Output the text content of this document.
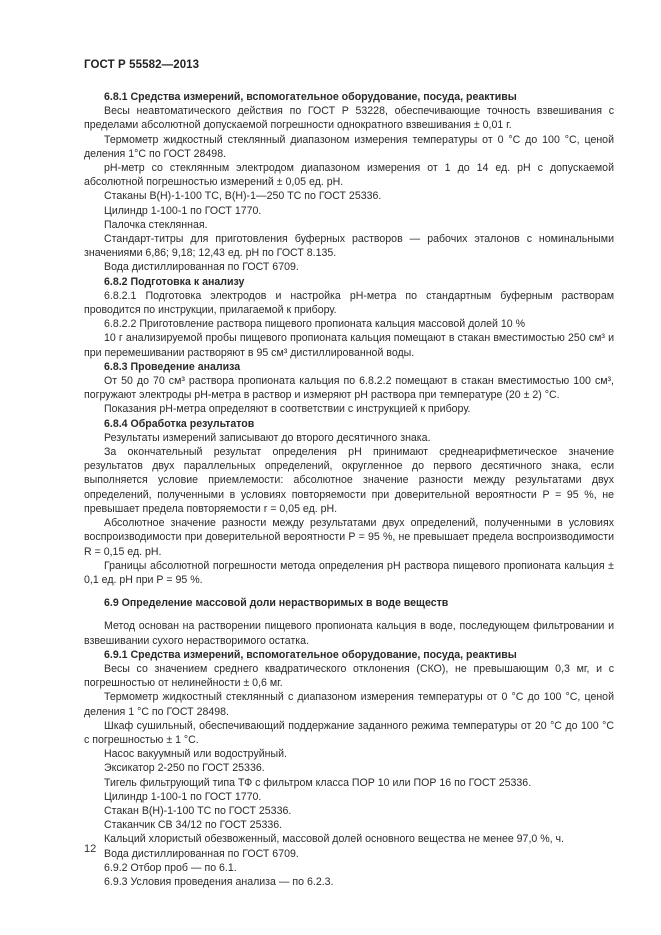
ГОСТ Р 55582—2013

6.8.1 Средства измерений, вспомогательное оборудование, посуда, реактивы

Весы неавтоматического действия по ГОСТ Р 53228, обеспечивающие точность взвешивания с пределами абсолютной допускаемой погрешности однократного взвешивания ± 0,01 г.

Термометр жидкостный стеклянный диапазоном измерения температуры от 0 °С до 100 °С, ценой деления 1°С по ГОСТ 28498.

рН-метр со стеклянным электродом диапазоном измерения от 1 до 14 ед. рН с допускаемой абсолютной погрешностью измерений ± 0,05 ед. рН.

Стаканы В(Н)-1-100 ТС, В(Н)-1—250 ТС по ГОСТ 25336.

Цилиндр 1-100-1 по ГОСТ 1770.

Палочка стеклянная.

Стандарт-титры для приготовления буферных растворов — рабочих эталонов с номинальными значениями 6,86; 9,18; 12,43 ед. рН по ГОСТ 8.135.

Вода дистиллированная по ГОСТ 6709.

6.8.2 Подготовка к анализу

6.8.2.1 Подготовка электродов и настройка рН-метра по стандартным буферным растворам проводится по инструкции, прилагаемой к прибору.

6.8.2.2 Приготовление раствора пищевого пропионата кальция массовой долей 10 %

10 г анализируемой пробы пищевого пропионата кальция помещают в стакан вместимостью 250 см³ и при перемешивании растворяют в 95 см³ дистиллированной воды.

6.8.3 Проведение анализа

От 50 до 70 см³ раствора пропионата кальция по 6.8.2.2 помещают в стакан вместимостью 100 см³, погружают электроды рН-метра в раствор и измеряют рН раствора при температуре (20 ± 2) °С.

Показания рН-метра определяют в соответствии с инструкцией к прибору.

6.8.4 Обработка результатов

Результаты измерений записывают до второго десятичного знака.

За окончательный результат определения рН принимают среднеарифметическое значение результатов двух параллельных определений, округленное до первого десятичного знака, если выполняется условие приемлемости: абсолютное значение разности между результатами двух определений, полученными в условиях повторяемости при доверительной вероятности Р = 95 %, не превышает предела повторяемости r = 0,05 ед. рН.

Абсолютное значение разности между результатами двух определений, полученными в условиях воспроизводимости при доверительной вероятности Р = 95 %, не превышает предела воспроизводимости R = 0,15 ед. рН.

Границы абсолютной погрешности метода определения рН раствора пищевого пропионата кальция ± 0,1 ед. рН при Р = 95 %.

6.9 Определение массовой доли нерастворимых в воде веществ

Метод основан на растворении пищевого пропионата кальция в воде, последующем фильтровании и взвешивании сухого нерастворимого остатка.

6.9.1 Средства измерений, вспомогательное оборудование, посуда, реактивы

Весы со значением среднего квадратического отклонения (СКО), не превышающим 0,3 мг, и с погрешностью от нелинейности ± 0,6 мг.

Термометр жидкостный стеклянный с диапазоном измерения температуры от 0 °С до 100 °С, ценой деления 1 °С по ГОСТ 28498.

Шкаф сушильный, обеспечивающий поддержание заданного режима температуры от 20 °С до 100 °С с погрешностью ± 1 °С.

Насос вакуумный или водоструйный.

Эксикатор 2-250 по ГОСТ 25336.

Тигель фильтрующий типа ТФ с фильтром класса ПОР 10 или ПОР 16 по ГОСТ 25336.

Цилиндр 1-100-1 по ГОСТ 1770.

Стакан В(Н)-1-100 ТС по ГОСТ 25336.

Стаканчик СВ 34/12 по ГОСТ 25336.

Кальций хлористый обезвоженный, массовой долей основного вещества не менее 97,0 %, ч.

Вода дистиллированная по ГОСТ 6709.

6.9.2 Отбор проб — по 6.1.

6.9.3 Условия проведения анализа — по 6.2.3.

12
